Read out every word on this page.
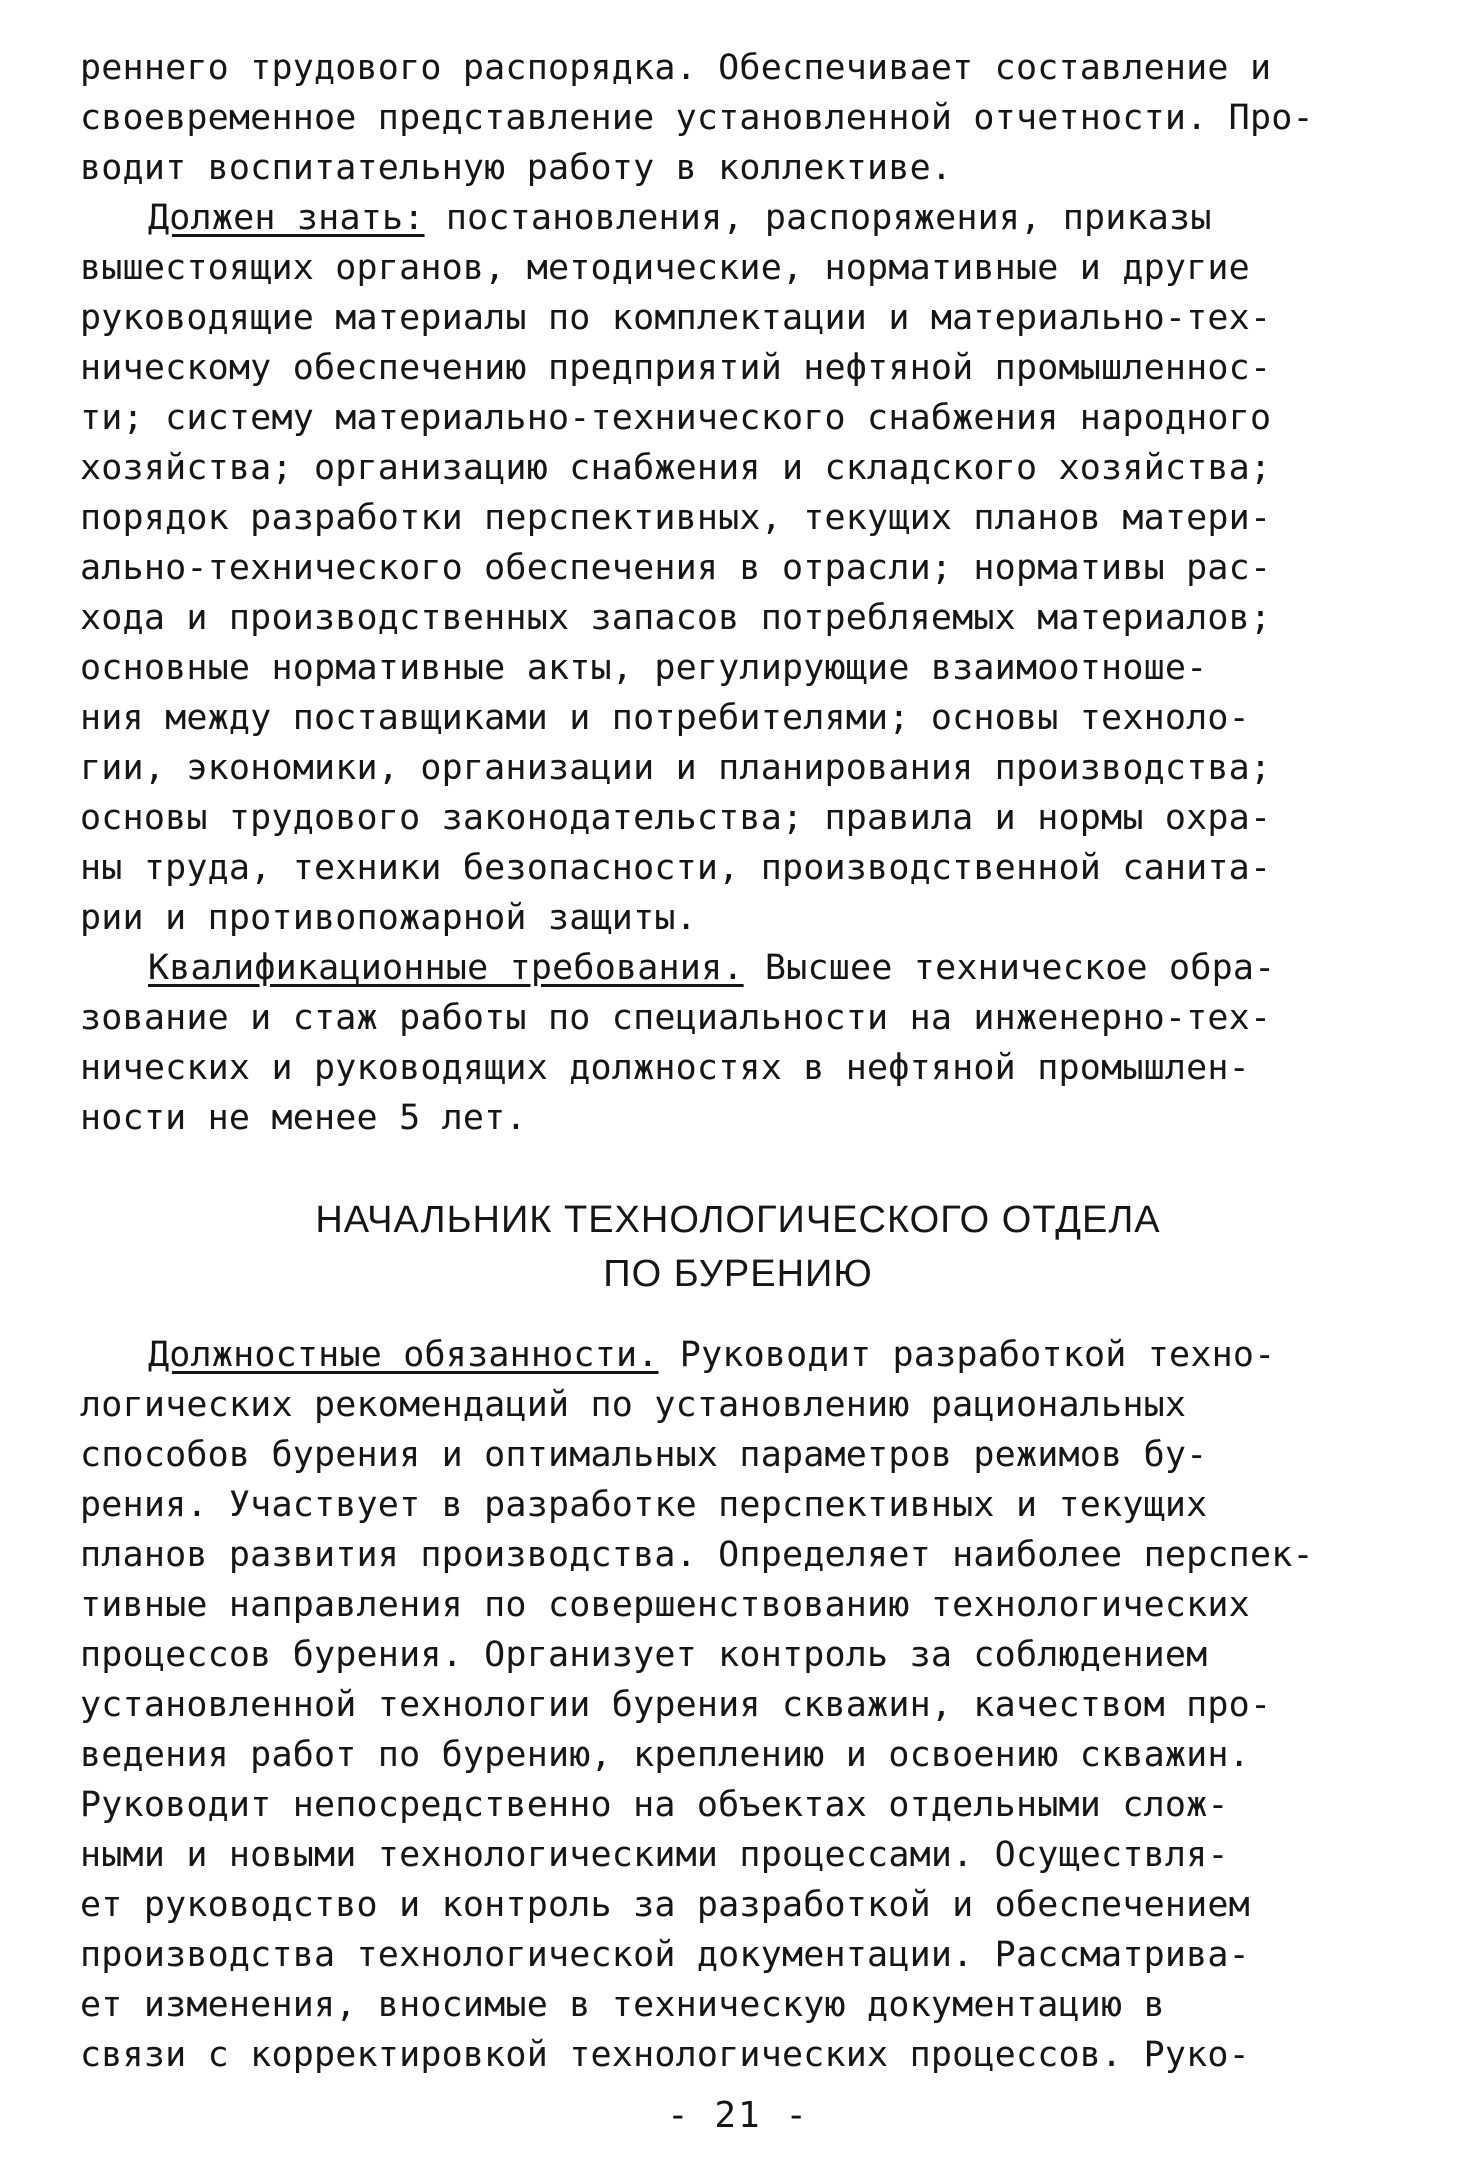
реннего трудового распорядка. Обеспечивает составление и
своевременное представление установленной отчетности. Про-
водит воспитательную работу в коллективе.
Должен знать: постановления, распоряжения, приказы
вышестоящих органов, методические, нормативные и другие
руководящие материалы по комплектации и материально-тех-
ническому обеспечению предприятий нефтяной промышленнос-
ти; систему материально-технического снабжения народного
хозяйства; организацию снабжения и складского хозяйства;
порядок разработки перспективных, текущих планов матери-
ально-технического обеспечения в отрасли; нормативы рас-
хода и производственных запасов потребляемых материалов;
основные нормативные акты, регулирующие взаимоотноше-
ния между поставщиками и потребителями; основы техноло-
гии, экономики, организации и планирования производства;
основы трудового законодательства; правила и нормы охра-
ны труда, техники безопасности, производственной санита-
рии и противопожарной защиты.
Квалификационные требования. Высшее техническое обра-
зование и стаж работы по специальности на инженерно-тех-
нических и руководящих должностях в нефтяной промышлен-
ности не менее 5 лет.
НАЧАЛЬНИК ТЕХНОЛОГИЧЕСКОГО ОТДЕЛА
ПО БУРЕНИЮ
Должностные обязанности. Руководит разработкой техно-
логических рекомендаций по установлению рациональных
способов бурения и оптимальных параметров режимов бу-
рения. Участвует в разработке перспективных и текущих
планов развития производства. Определяет наиболее перспек-
тивные направления по совершенствованию технологических
процессов бурения. Организует контроль за соблюдением
установленной технологии бурения скважин, качеством про-
ведения работ по бурению, креплению и освоению скважин.
Руководит непосредственно на объектах отдельными слож-
ными и новыми технологическими процессами. Осуществля-
ет руководство и контроль за разработкой и обеспечением
производства технологической документации. Рассматрива-
ет изменения, вносимые в техническую документацию в
связи с корректировкой технологических процессов. Руко-
- 21 -
